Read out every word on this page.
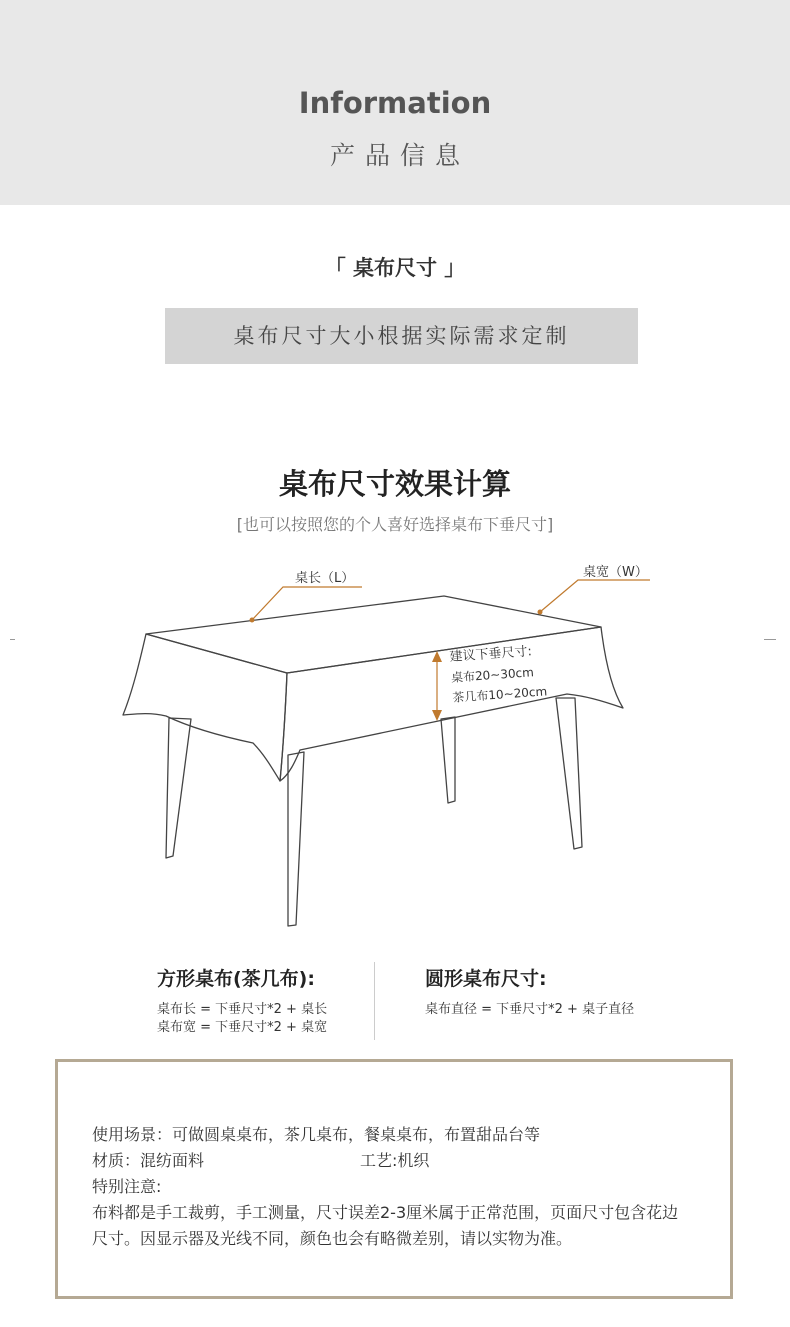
Information
产品信息
「 桌布尺寸 」
桌布尺寸大小根据实际需求定制
桌布尺寸效果计算
[也可以按照您的个人喜好选择桌布下垂尺寸]
桌长（L）	桌宽（W）
建议下垂尺寸:
桌布20~30cm
茶几布10~20cm
方形桌布(茶几布):
桌布长 = 下垂尺寸*2 + 桌长
桌布宽 = 下垂尺寸*2 + 桌宽
圆形桌布尺寸:
桌布直径 = 下垂尺寸*2 + 桌子直径
使用场景：可做圆桌桌布，茶几桌布，餐桌桌布，布置甜品台等
材质：混纺面料	工艺:机织
特别注意:
布料都是手工裁剪，手工测量，尺寸误差2-3厘米属于正常范围，页面尺寸包含花边
尺寸。因显示器及光线不同，颜色也会有略微差别，请以实物为准。
